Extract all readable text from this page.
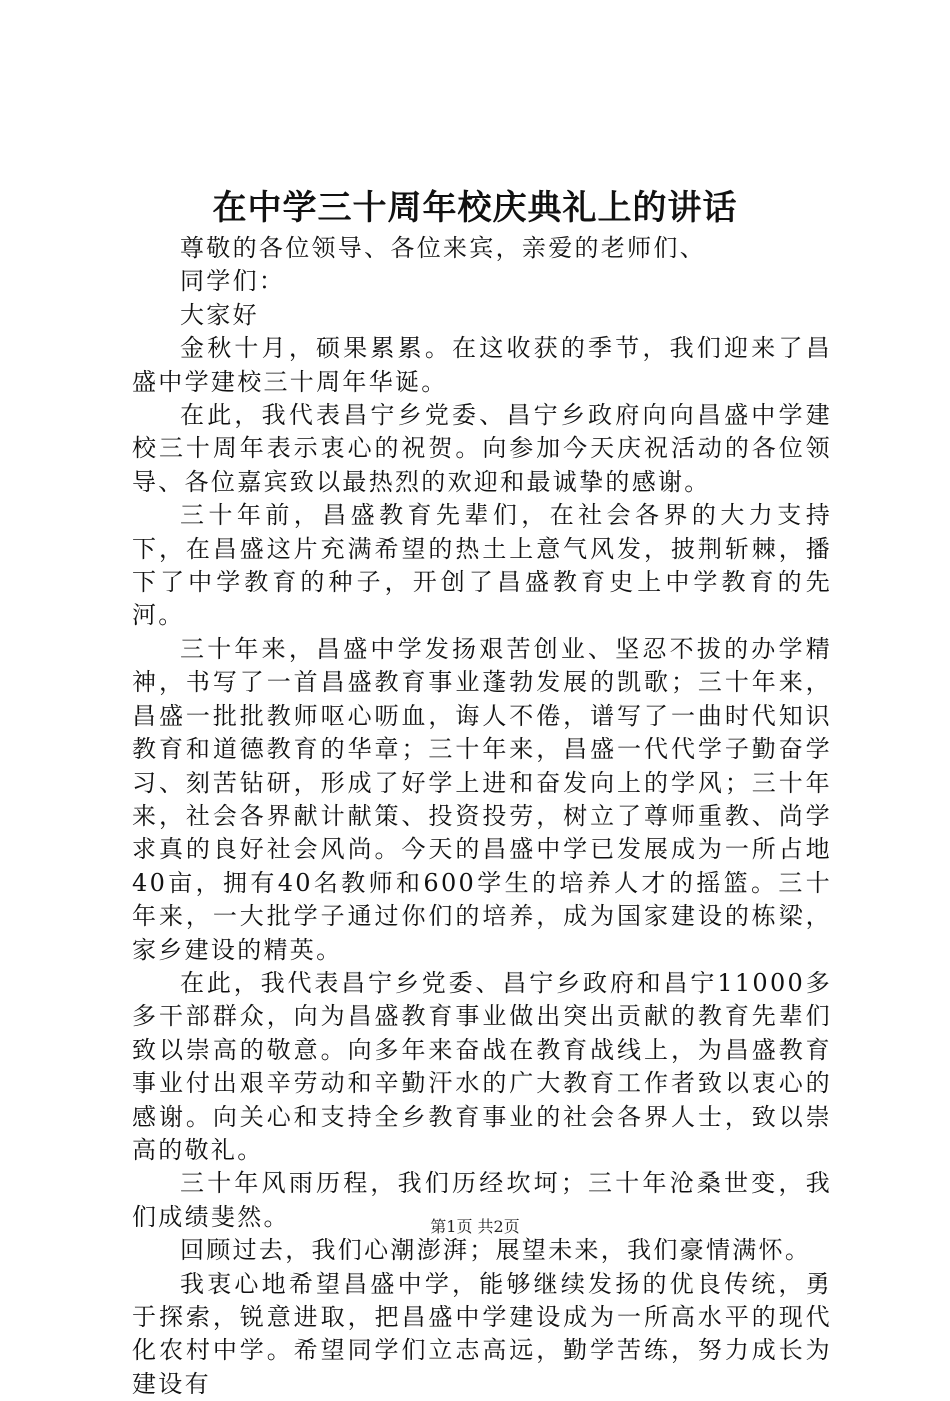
在中学三十周年校庆典礼上的讲话

尊敬的各位领导、各位来宾，亲爱的老师们、

同学们：

大家好

金秋十月，硕果累累。在这收获的季节，我们迎来了昌盛中学建校三十周年华诞。

在此，我代表昌宁乡党委、昌宁乡政府向向昌盛中学建校三十周年表示衷心的祝贺。向参加今天庆祝活动的各位领导、各位嘉宾致以最热烈的欢迎和最诚挚的感谢。

三十年前，昌盛教育先辈们，在社会各界的大力支持下，在昌盛这片充满希望的热土上意气风发，披荆斩棘，播下了中学教育的种子，开创了昌盛教育史上中学教育的先河。

三十年来，昌盛中学发扬艰苦创业、坚忍不拔的办学精神，书写了一首昌盛教育事业蓬勃发展的凯歌；三十年来，昌盛一批批教师呕心呖血，诲人不倦，谱写了一曲时代知识教育和道德教育的华章；三十年来，昌盛一代代学子勤奋学习、刻苦钻研，形成了好学上进和奋发向上的学风；三十年来，社会各界献计献策、投资投劳，树立了尊师重教、尚学求真的良好社会风尚。今天的昌盛中学已发展成为一所占地40亩，拥有40名教师和600学生的培养人才的摇篮。三十年来，一大批学子通过你们的培养，成为国家建设的栋梁，家乡建设的精英。

在此，我代表昌宁乡党委、昌宁乡政府和昌宁11000多多干部群众，向为昌盛教育事业做出突出贡献的教育先辈们致以崇高的敬意。向多年来奋战在教育战线上，为昌盛教育事业付出艰辛劳动和辛勤汗水的广大教育工作者致以衷心的感谢。向关心和支持全乡教育事业的社会各界人士，致以崇高的敬礼。

三十年风雨历程，我们历经坎坷；三十年沧桑世变，我们成绩斐然。

回顾过去，我们心潮澎湃；展望未来，我们豪情满怀。

我衷心地希望昌盛中学，能够继续发扬的优良传统，勇于探索，锐意进取，把昌盛中学建设成为一所高水平的现代化农村中学。希望同学们立志高远，勤学苦练，努力成长为建设有

第1页 共2页
